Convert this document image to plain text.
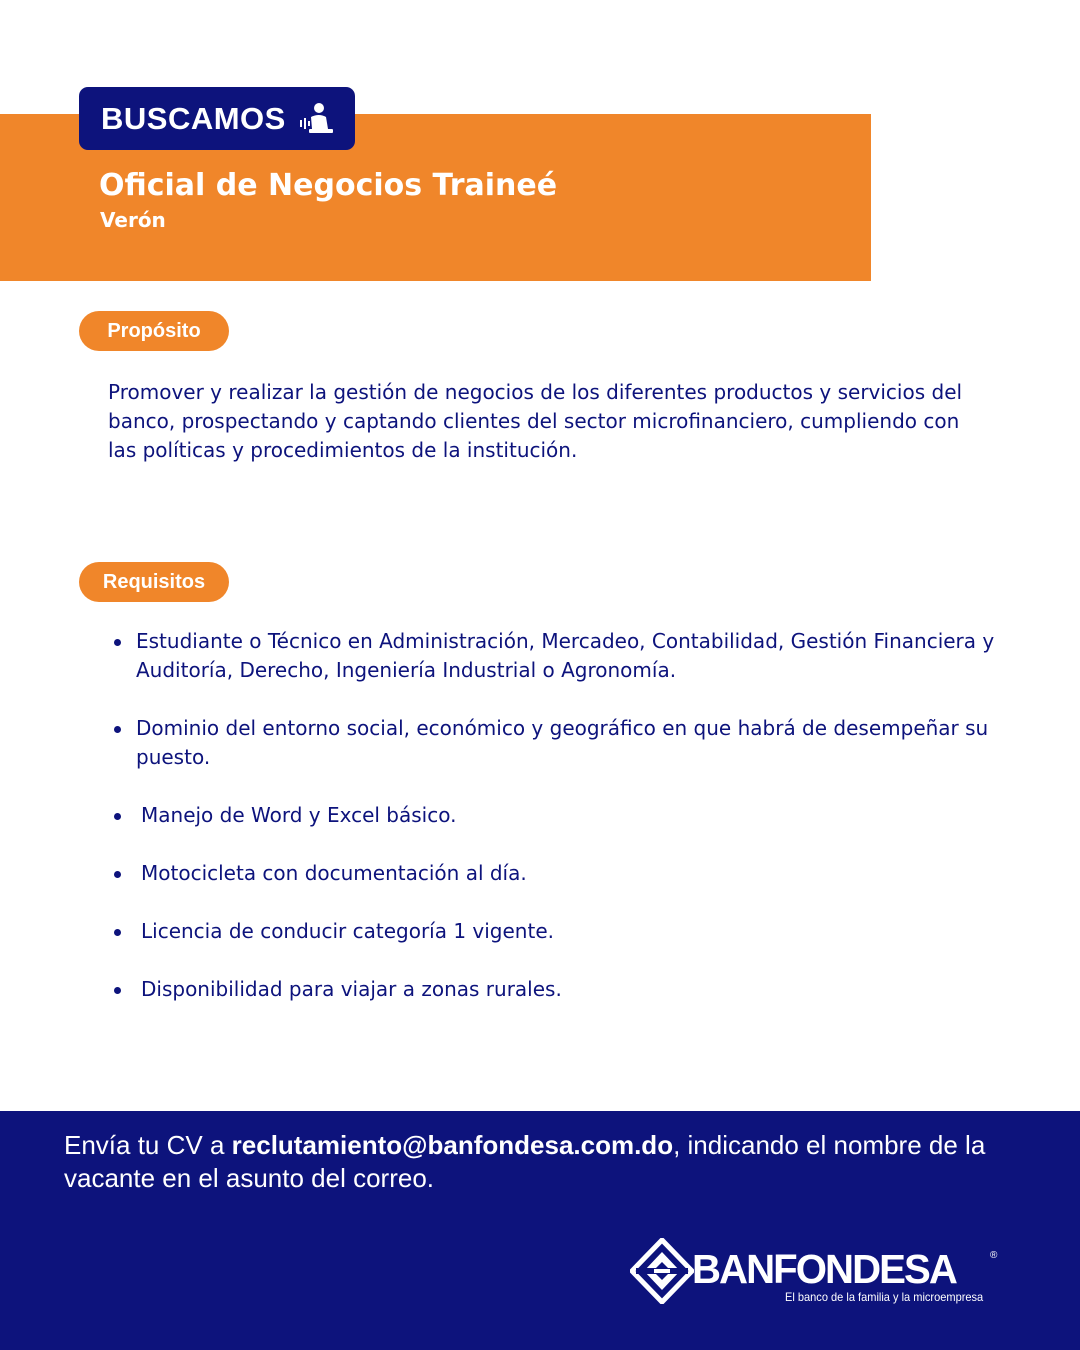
BUSCAMOS
Oficial de Negocios Traineé
Verón
Propósito

Promover y realizar la gestión de negocios de los diferentes productos y servicios del banco, prospectando y captando clientes del sector microfinanciero, cumpliendo con las políticas y procedimientos de la institución.

Requisitos
Estudiante o Técnico en Administración, Mercadeo, Contabilidad, Gestión Financiera y Auditoría, Derecho, Ingeniería Industrial o Agronomía.
Dominio del entorno social, económico y geográfico en que habrá de desempeñar su puesto.
Manejo de Word y Excel básico.
Motocicleta con documentación al día.
Licencia de conducir categoría 1 vigente.
Disponibilidad para viajar a zonas rurales.

Envía tu CV a reclutamiento@banfondesa.com.do, indicando el nombre de la vacante en el asunto del correo.

BANFONDESA	®
El banco de la familia y la microempresa
